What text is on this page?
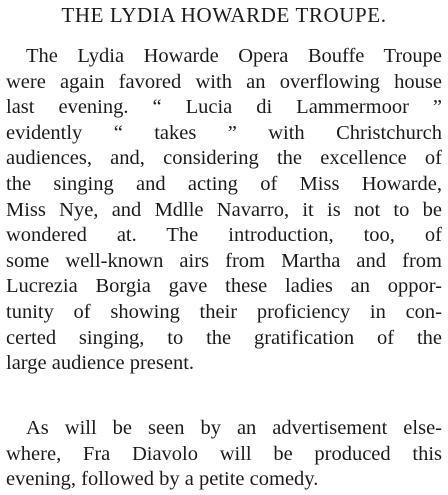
THE LYDIA HOWARDE TROUPE.
The Lydia Howarde Opera Bouffe Troupe
were again favored with an overflowing house
last evening. “ Lucia di Lammermoor ”
evidently “ takes ” with Christchurch
audiences, and, considering the excellence of
the singing and acting of Miss Howarde,
Miss Nye, and Mdlle Navarro, it is not to be
wondered at. The introduction, too, of
some well-known airs from Martha and from
Lucrezia Borgia gave these ladies an oppor-
tunity of showing their proficiency in con-
certed singing, to the gratification of the
large audience present.
As will be seen by an advertisement else-
where, Fra Diavolo will be produced this
evening, followed by a petite comedy.
